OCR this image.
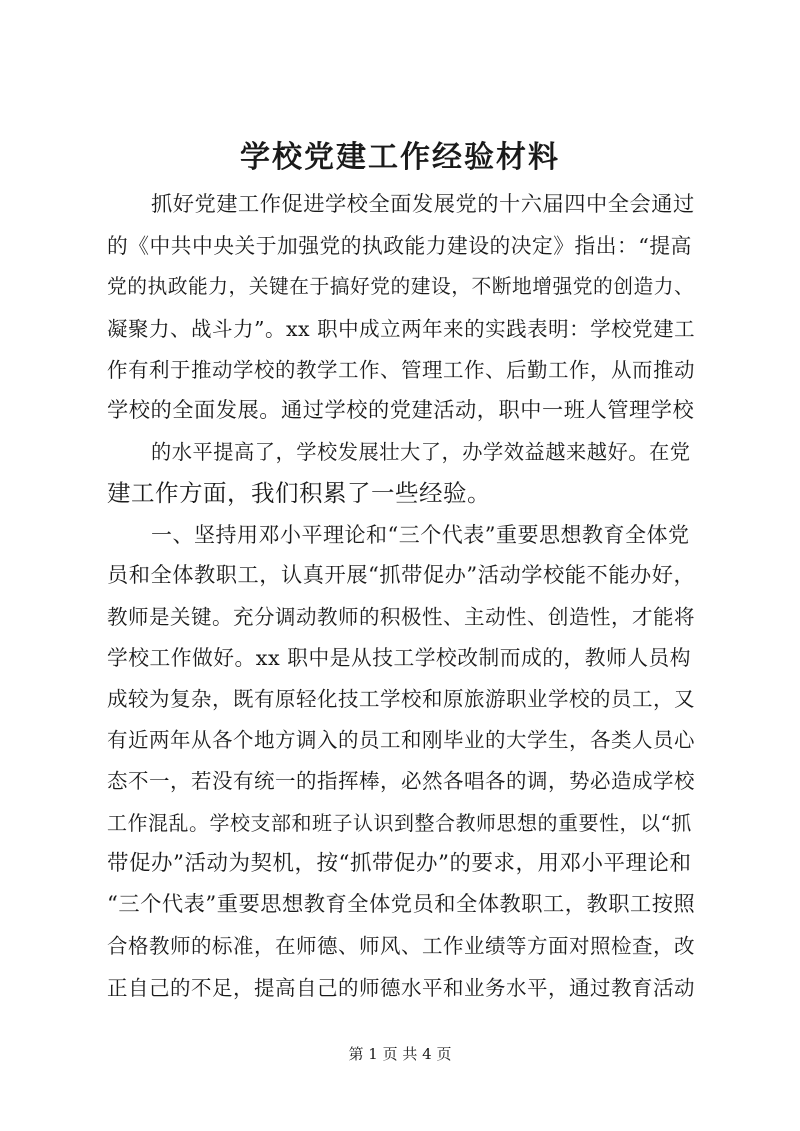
学校党建工作经验材料
抓好党建工作促进学校全面发展党的十六届四中全会通过
的《中共中央关于加强党的执政能力建设的决定》指出：“提高
党的执政能力，关键在于搞好党的建设，不断地增强党的创造力、
凝聚力、战斗力”。xx 职中成立两年来的实践表明：学校党建工
作有利于推动学校的教学工作、管理工作、后勤工作，从而推动
学校的全面发展。通过学校的党建活动，职中一班人管理学校
的水平提高了，学校发展壮大了，办学效益越来越好。在党
建工作方面，我们积累了一些经验。
一、坚持用邓小平理论和“三个代表”重要思想教育全体党
员和全体教职工，认真开展“抓带促办”活动学校能不能办好，
教师是关键。充分调动教师的积极性、主动性、创造性，才能将
学校工作做好。xx 职中是从技工学校改制而成的，教师人员构
成较为复杂，既有原轻化技工学校和原旅游职业学校的员工，又
有近两年从各个地方调入的员工和刚毕业的大学生，各类人员心
态不一，若没有统一的指挥棒，必然各唱各的调，势必造成学校
工作混乱。学校支部和班子认识到整合教师思想的重要性，以“抓
带促办”活动为契机，按“抓带促办”的要求，用邓小平理论和
“三个代表”重要思想教育全体党员和全体教职工，教职工按照
合格教师的标准，在师德、师风、工作业绩等方面对照检查，改
正自己的不足，提高自己的师德水平和业务水平，通过教育活动
第 1 页 共 4 页
